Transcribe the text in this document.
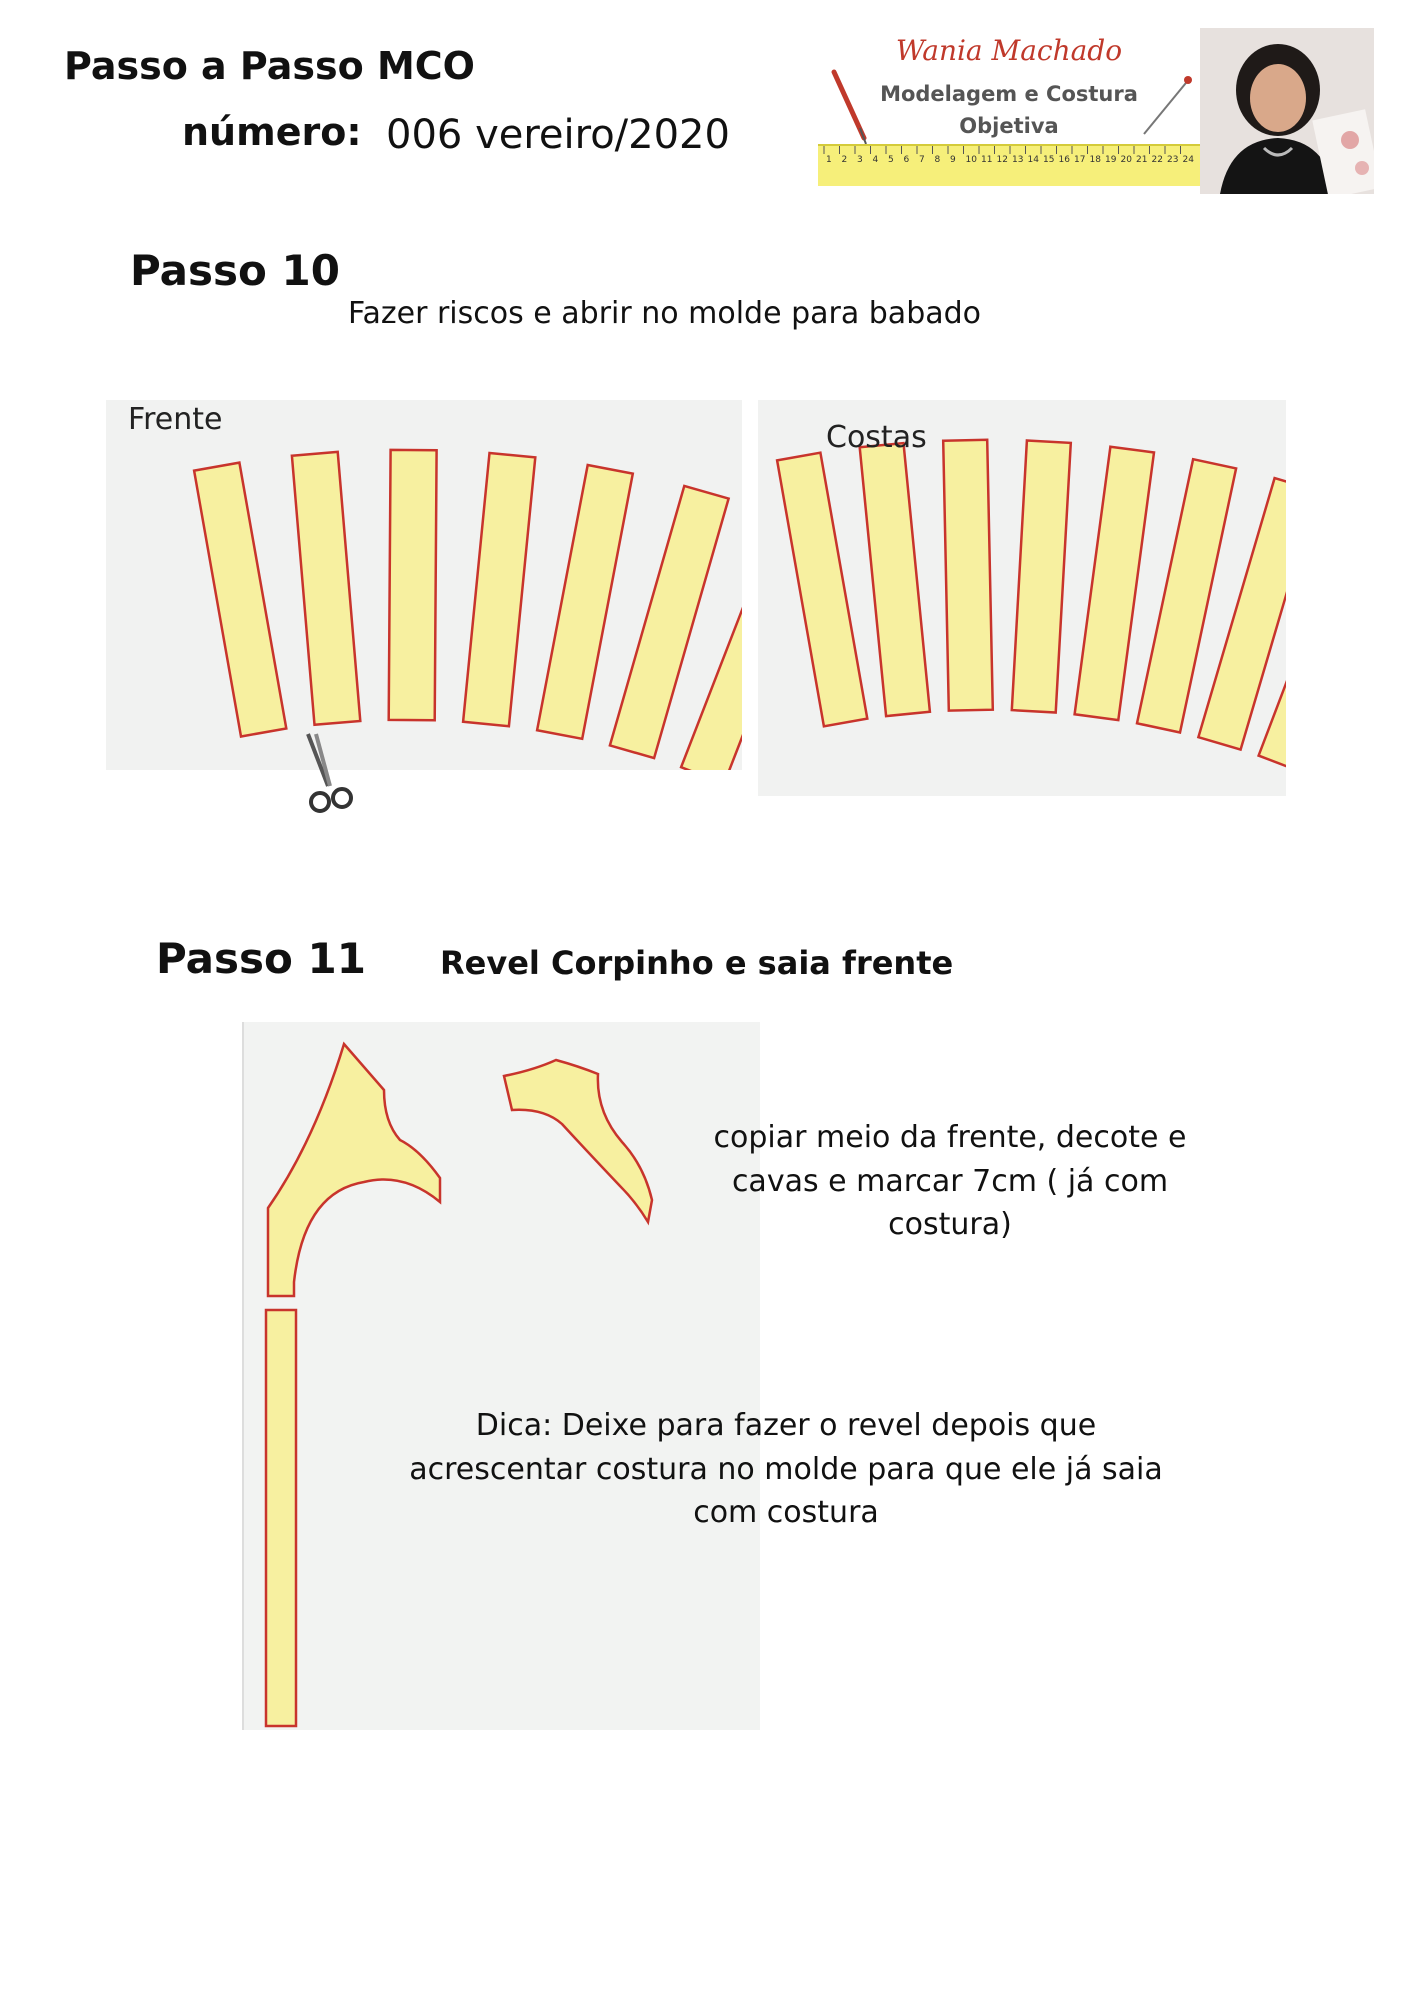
Passo a Passo MCO
número: 006 vereiro/2020
Wania Machado
Modelagem e Costura
Objetiva
1 2 3 4 5 6 7 8 9 10 11 12 13 14 15 16 17 18 19 20 21 22 23 24
Passo 10
Fazer riscos e abrir no molde para babado
Frente
Costas
Passo 11 Revel Corpinho e saia frente
copiar meio da frente, decote e cavas e marcar 7cm ( já com costura)
Dica: Deixe para fazer o revel depois que acrescentar costura no molde para que ele já saia com costura
